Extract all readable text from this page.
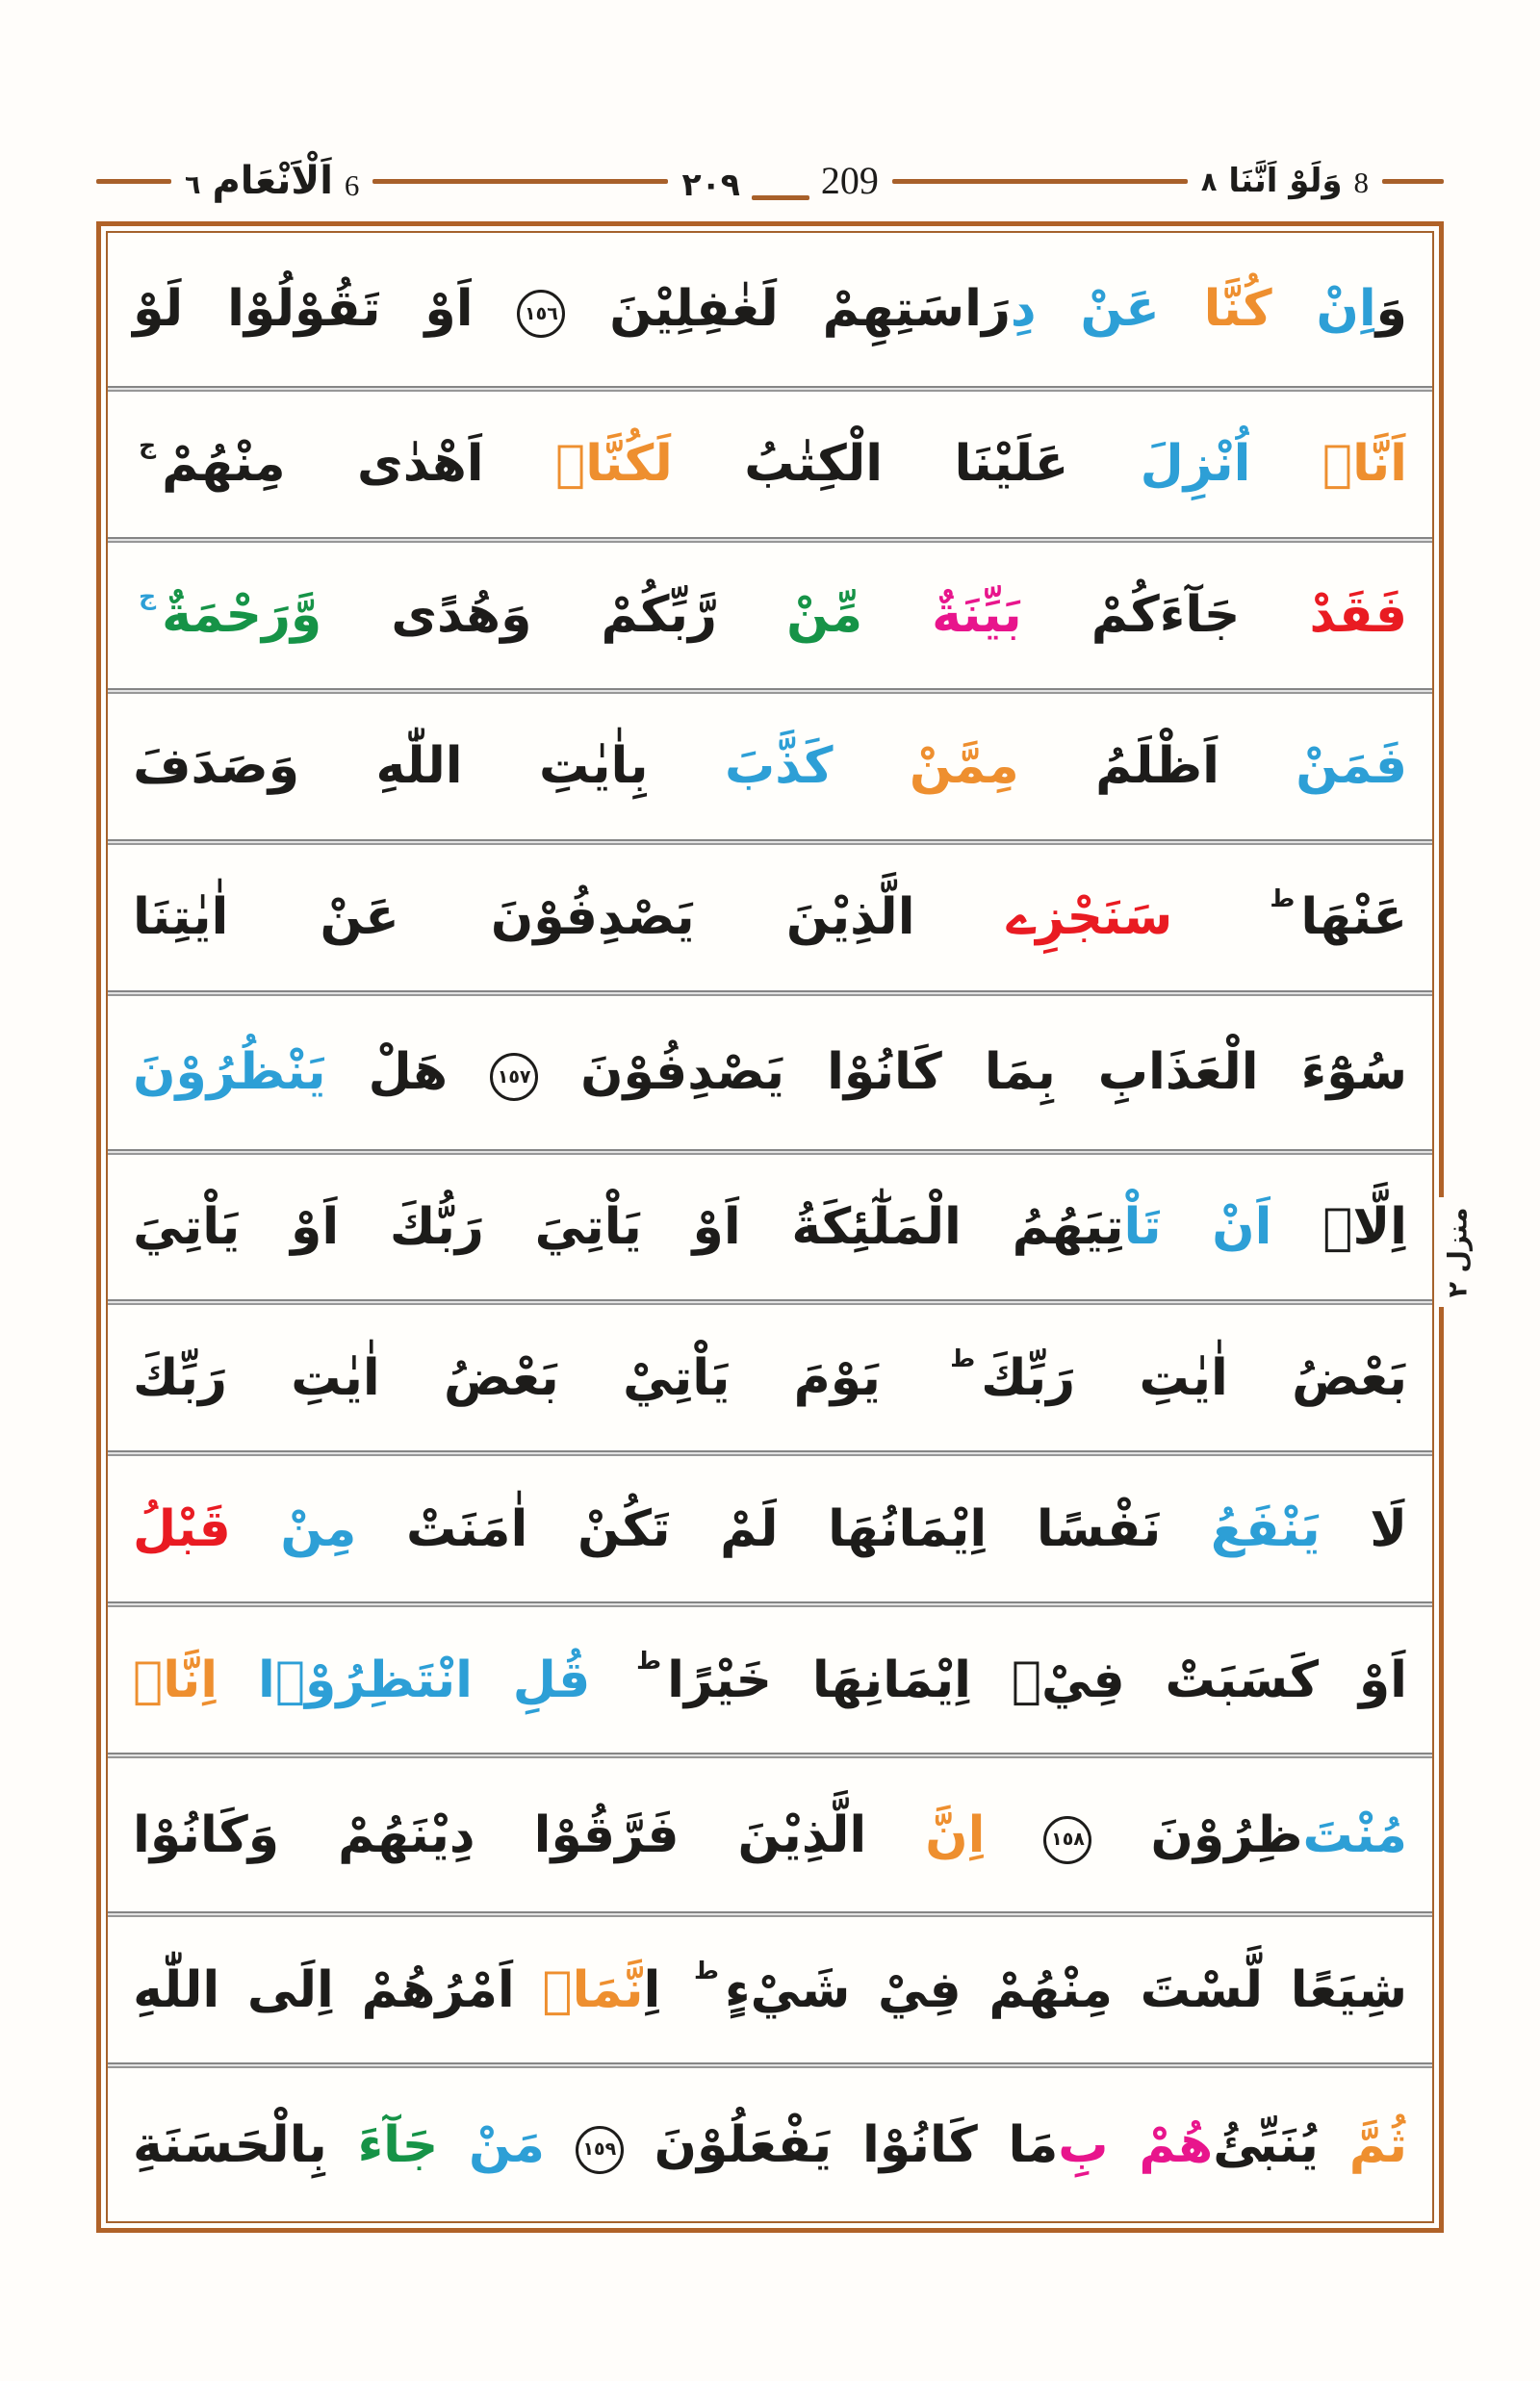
٦ اَلْاَنْعَام 6	٢٠٩ 209	٨ وَلَوْ اَنَّنَا 8
وَ
اِنْ
كُنَّا
عَنْ
دِ
رَاسَتِهِمْ
لَغٰفِلِيْنَ
١٥٦
اَوْ
تَقُوْلُوْا
لَوْ
اَنَّاۤ
اُنْزِلَ
عَلَيْنَا
الْكِتٰبُ
لَكُنَّاۤ
اَهْدٰى
مِنْهُمْ
ج
فَقَدْ
جَآءَكُمْ
بَيِّنَةٌ
مِّنْ
رَّبِّكُمْ
وَهُدًى
وَّرَحْمَةٌ
ج
فَمَنْ
اَظْلَمُ
مِمَّنْ
كَذَّبَ
بِاٰيٰتِ
اللّٰهِ
وَصَدَفَ
عَنْهَا
ط
سَنَجْزِے
الَّذِيْنَ
يَصْدِفُوْنَ
عَنْ
اٰيٰتِنَا
سُوْٓءَ
الْعَذَابِ
بِمَا
كَانُوْا
يَصْدِفُوْنَ
١٥٧
هَلْ
يَنْظُرُوْنَ
اِلَّاۤ
اَنْ
تَاْ
تِيَهُمُ
الْمَلٰٓئِكَةُ
اَوْ
يَاْتِيَ
رَبُّكَ
اَوْ
يَاْتِيَ
بَعْضُ
اٰيٰتِ
رَبِّكَ
ط
يَوْمَ
يَاْتِيْ
بَعْضُ
اٰيٰتِ
رَبِّكَ
لَا
يَنْفَعُ
نَفْسًا
اِيْمَانُهَا
لَمْ
تَكُنْ
اٰمَنَتْ
مِنْ
قَبْلُ
اَوْ
كَسَبَتْ
فِيْۤ
اِيْمَانِهَا
خَيْرًا
ط
قُلِ
انْتَظِرُوْۤا
اِنَّاۤ
مُنْتَ
ظِرُوْنَ
١٥٨
اِنَّ
الَّذِيْنَ
فَرَّقُوْا
دِيْنَهُمْ
وَكَانُوْا
شِيَعًا
لَّسْتَ
مِنْهُمْ
فِيْ
شَيْءٍ
ط
اِ
نَّمَاۤ
اَمْرُهُمْ
اِلَى
اللّٰهِ
ثُمَّ
يُنَبِّئُ
هُمْ
بِ
مَا
كَانُوْا
يَفْعَلُوْنَ
١٥٩
مَنْ
جَآءَ
بِالْحَسَنَةِ
منزل ٢
